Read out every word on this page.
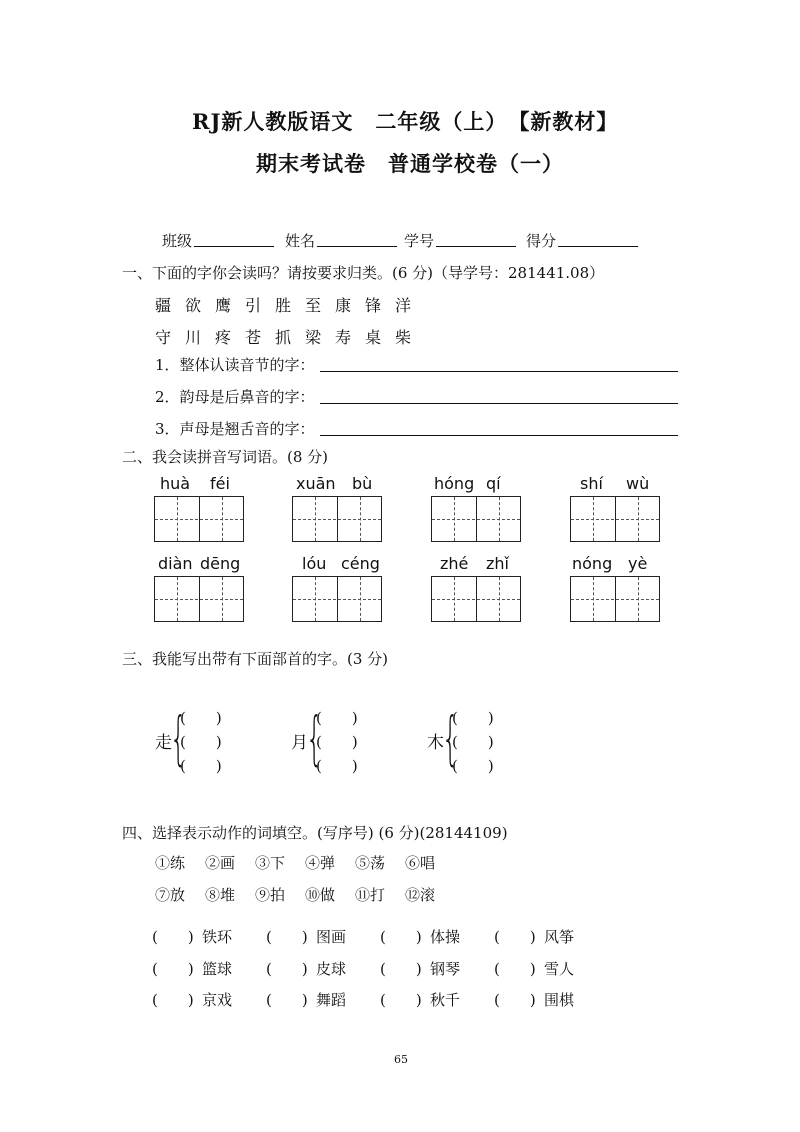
RJ新人教版语文　二年级（上）　【新教材】
期末考试卷　普通学校卷（一）
班级	姓名	学号	得分
一、下面的字你会读吗？请按要求归类。(6 分)（导学号：281441.08）
疆 欲 鹰 引 胜 至 康 锋 洋
守 川 疼 苍 抓 梁 寿 桌 柴
1．整体认读音节的字：
2．韵母是后鼻音的字：
3．声母是翘舌音的字：
二、我会读拼音写词语。(8 分)
huà féi	xuān bù	hóng qí	shí wù
diàn dēng	lóu céng	zhé zhǐ	nóng yè
三、我能写出带有下面部首的字。(3 分)
走
{
(　　)
(　　)
(　　)
月
{
(　　)
(　　)
(　　)
木
{
(　　)
(　　)
(　　)
四、选择表示动作的词填空。(写序号) (6 分)(28144109)
①练 ②画 ③下 ④弹 ⑤荡 ⑥唱
⑦放 ⑧堆 ⑨拍 ⑩做 ⑪打 ⑫滚
(　　) 铁环 (　　) 图画 (　　) 体操 (　　) 风筝
(　　) 篮球 (　　) 皮球 (　　) 钢琴 (　　) 雪人
(　　) 京戏 (　　) 舞蹈 (　　) 秋千 (　　) 围棋
65
